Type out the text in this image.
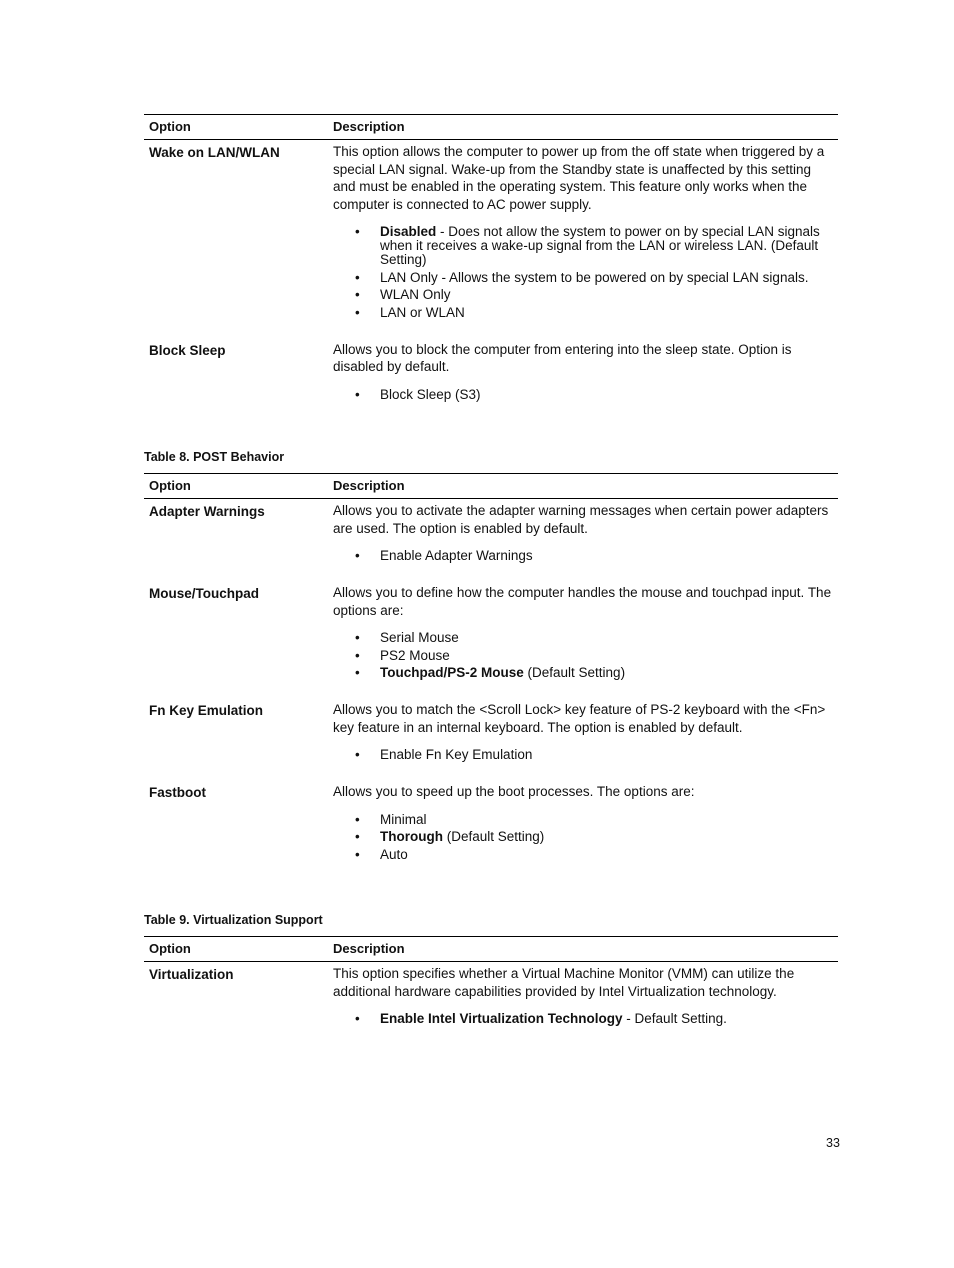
Option	Description
Wake on LAN/WLAN	This option allows the computer to power up from the off state when triggered by a special LAN signal. Wake-up from the Standby state is unaffected by this setting and must be enabled in the operating system. This feature only works when the computer is connected to AC power supply.

• Disabled - Does not allow the system to power on by special LAN signals when it receives a wake-up signal from the LAN or wireless LAN. (Default Setting)
• LAN Only - Allows the system to be powered on by special LAN signals.
• WLAN Only
• LAN or WLAN
Block Sleep	Allows you to block the computer from entering into the sleep state. Option is disabled by default.

• Block Sleep (S3)
Table 8. POST Behavior
Option	Description
Adapter Warnings	Allows you to activate the adapter warning messages when certain power adapters are used. The option is enabled by default.

• Enable Adapter Warnings
Mouse/Touchpad	Allows you to define how the computer handles the mouse and touchpad input. The options are:

• Serial Mouse
• PS2 Mouse
• Touchpad/PS-2 Mouse (Default Setting)
Fn Key Emulation	Allows you to match the <Scroll Lock> key feature of PS-2 keyboard with the <Fn> key feature in an internal keyboard. The option is enabled by default.

• Enable Fn Key Emulation
Fastboot	Allows you to speed up the boot processes. The options are:

• Minimal
• Thorough (Default Setting)
• Auto
Table 9. Virtualization Support
Option	Description
Virtualization	This option specifies whether a Virtual Machine Monitor (VMM) can utilize the additional hardware capabilities provided by Intel Virtualization technology.

• Enable Intel Virtualization Technology - Default Setting.
33
